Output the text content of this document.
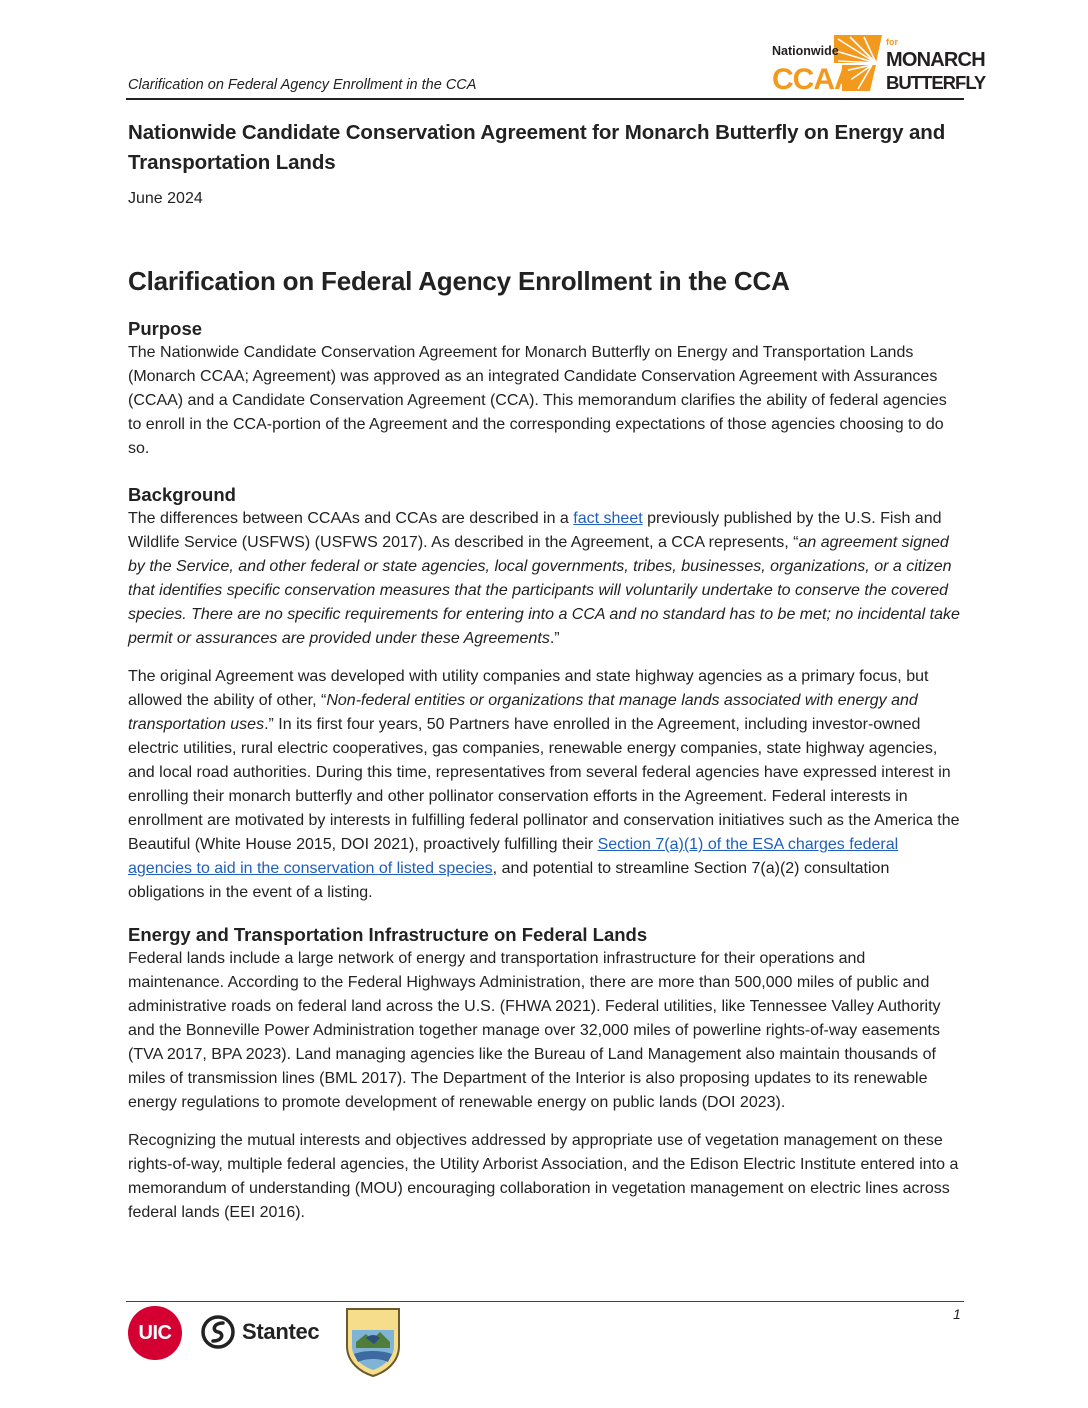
Clarification on Federal Agency Enrollment in the CCA
Nationwide
CCAA
for
MONARCH
BUTTERFLY
Nationwide Candidate Conservation Agreement for Monarch Butterfly on Energy and Transportation Lands
June 2024
Clarification on Federal Agency Enrollment in the CCA
Purpose

The Nationwide Candidate Conservation Agreement for Monarch Butterfly on Energy and Transportation Lands (Monarch CCAA; Agreement) was approved as an integrated Candidate Conservation Agreement with Assurances (CCAA) and a Candidate Conservation Agreement (CCA). This memorandum clarifies the ability of federal agencies to enroll in the CCA-portion of the Agreement and the corresponding expectations of those agencies choosing to do so.

Background

The differences between CCAAs and CCAs are described in a fact sheet previously published by the U.S. Fish and Wildlife Service (USFWS) (USFWS 2017). As described in the Agreement, a CCA represents, “an agreement signed by the Service, and other federal or state agencies, local governments, tribes, businesses, organizations, or a citizen that identifies specific conservation measures that the participants will voluntarily undertake to conserve the covered species. There are no specific requirements for entering into a CCA and no standard has to be met; no incidental take permit or assurances are provided under these Agreements.”

The original Agreement was developed with utility companies and state highway agencies as a primary focus, but allowed the ability of other, “Non-federal entities or organizations that manage lands associated with energy and transportation uses.” In its first four years, 50 Partners have enrolled in the Agreement, including investor-owned electric utilities, rural electric cooperatives, gas companies, renewable energy companies, state highway agencies, and local road authorities. During this time, representatives from several federal agencies have expressed interest in enrolling their monarch butterfly and other pollinator conservation efforts in the Agreement. Federal interests in enrollment are motivated by interests in fulfilling federal pollinator and conservation initiatives such as the America the Beautiful (White House 2015, DOI 2021), proactively fulfilling their Section 7(a)(1) of the ESA charges federal agencies to aid in the conservation of listed species, and potential to streamline Section 7(a)(2) consultation obligations in the event of a listing.

Energy and Transportation Infrastructure on Federal Lands

Federal lands include a large network of energy and transportation infrastructure for their operations and maintenance. According to the Federal Highways Administration, there are more than 500,000 miles of public and administrative roads on federal land across the U.S. (FHWA 2021). Federal utilities, like Tennessee Valley Authority and the Bonneville Power Administration together manage over 32,000 miles of powerline rights-of-way easements (TVA 2017, BPA 2023). Land managing agencies like the Bureau of Land Management also maintain thousands of miles of transmission lines (BML 2017). The Department of the Interior is also proposing updates to its renewable energy regulations to promote development of renewable energy on public lands (DOI 2023).

Recognizing the mutual interests and objectives addressed by appropriate use of vegetation management on these rights-of-way, multiple federal agencies, the Utility Arborist Association, and the Edison Electric Institute entered into a memorandum of understanding (MOU) encouraging collaboration in vegetation management on electric lines across federal lands (EEI 2016).

1
UIC	Stantec
